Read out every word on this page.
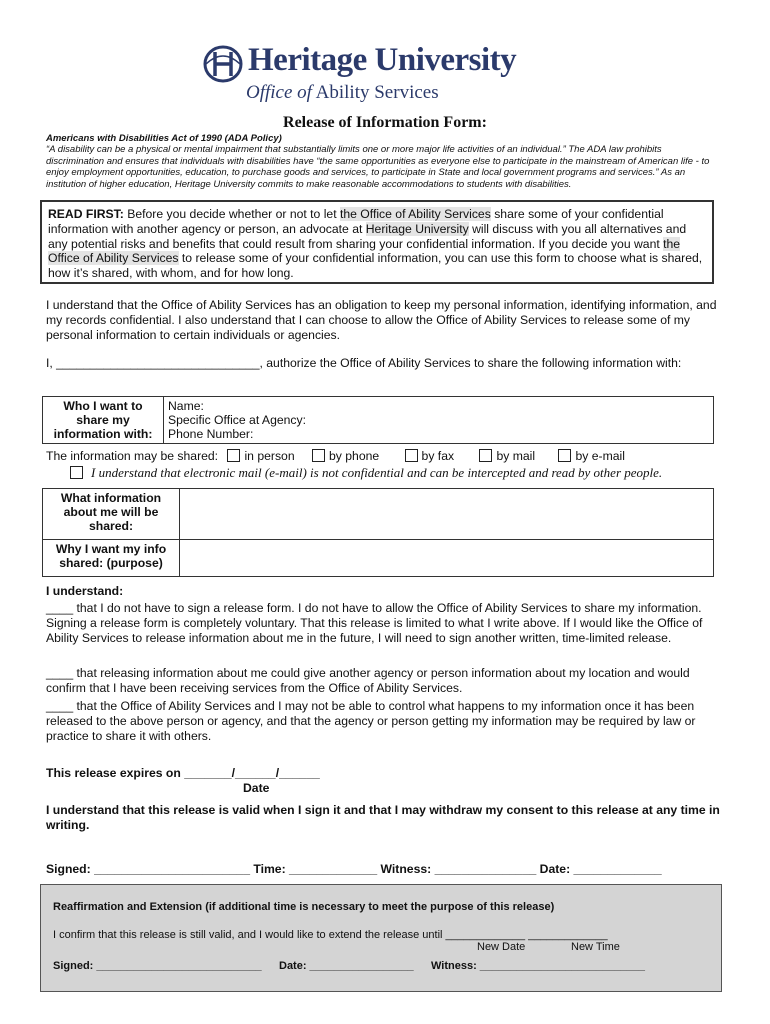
Heritage University
Office of Ability Services
Release of Information Form:
Americans with Disabilities Act of 1990 (ADA Policy)
“A disability can be a physical or mental impairment that substantially limits one or more major life activities of an individual.” The ADA law prohibits discrimination and ensures that individuals with disabilities have “the same opportunities as everyone else to participate in the mainstream of American life - to enjoy employment opportunities, education, to purchase goods and services, to participate in State and local government programs and services.” As an institution of higher education, Heritage University commits to make reasonable accommodations to students with disabilities.
READ FIRST: Before you decide whether or not to let the Office of Ability Services share some of your confidential information with another agency or person, an advocate at Heritage University will discuss with you all alternatives and any potential risks and benefits that could result from sharing your confidential information. If you decide you want the Office of Ability Services to release some of your confidential information, you can use this form to choose what is shared, how it’s shared, with whom, and for how long.
I understand that the Office of Ability Services has an obligation to keep my personal information, identifying information, and my records confidential. I also understand that I can choose to allow the Office of Ability Services to release some of my personal information to certain individuals or agencies.
I, ______________________________, authorize the Office of Ability Services to share the following information with:
Who I want to share my information with:	
Name:
Specific Office at Agency:
Phone Number:
The information may be shared: in person	by phone	by fax	by mail	by e-mail
I understand that electronic mail (e-mail) is not confidential and can be intercepted and read by other people.
What information about me will be shared:	
Why I want my info shared: (purpose)	
I understand:
____ that I do not have to sign a release form. I do not have to allow the Office of Ability Services to share my information. Signing a release form is completely voluntary. That this release is limited to what I write above. If I would like the Office of Ability Services to release information about me in the future, I will need to sign another written, time-limited release.
____ that releasing information about me could give another agency or person information about my location and would confirm that I have been receiving services from the Office of Ability Services.
____ that the Office of Ability Services and I may not be able to control what happens to my information once it has been released to the above person or agency, and that the agency or person getting my information may be required by law or practice to share it with others.
This release expires on _______/______/______
Date
I understand that this release is valid when I sign it and that I may withdraw my consent to this release at any time in writing.
Signed: _______________________ Time: _____________ Witness: _______________ Date: _____________
Reaffirmation and Extension (if additional time is necessary to meet the purpose of this release)
I confirm that this release is still valid, and I would like to extend the release until _____________ _____________
New Date	New Time
Signed: ___________________________ Date: _________________ Witness: ___________________________
